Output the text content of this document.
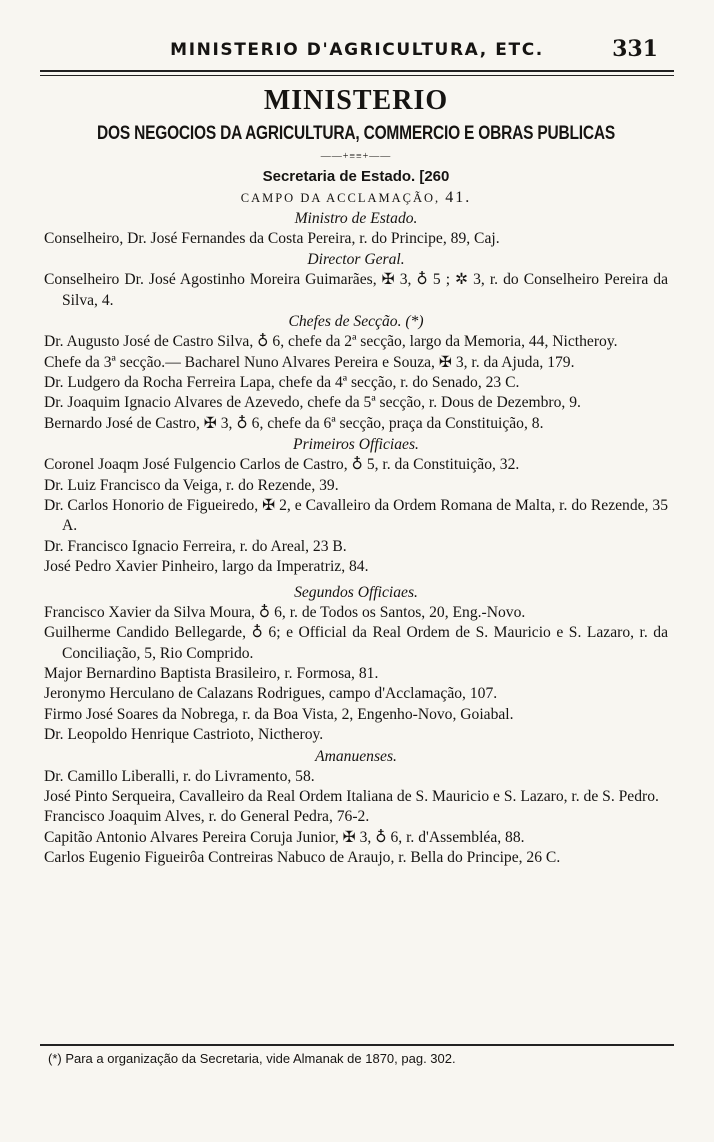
MINISTERIO D'AGRICULTURA, ETC.	331
MINISTERIO
DOS NEGOCIOS DA AGRICULTURA, COMMERCIO E OBRAS PUBLICAS
——+≡≡+——
Secretaria de Estado. [260
CAMPO DA ACCLAMAÇÃO, 41.
Ministro de Estado.
Conselheiro, Dr. José Fernandes da Costa Pereira, r. do Principe, 89, Caj.
Director Geral.
Conselheiro Dr. José Agostinho Moreira Guimarães, ✠ 3, ♁ 5 ; ✲ 3, r. do Conselheiro Pereira da Silva, 4.
Chefes de Secção. (*)
Dr. Augusto José de Castro Silva, ♁ 6, chefe da 2ª secção, largo da Memoria, 44, Nictheroy.
Chefe da 3ª secção.— Bacharel Nuno Alvares Pereira e Souza, ✠ 3, r. da Ajuda, 179.
Dr. Ludgero da Rocha Ferreira Lapa, chefe da 4ª secção, r. do Senado, 23 C.
Dr. Joaquim Ignacio Alvares de Azevedo, chefe da 5ª secção, r. Dous de Dezembro, 9.
Bernardo José de Castro, ✠ 3, ♁ 6, chefe da 6ª secção, praça da Constituição, 8.
Primeiros Officiaes.
Coronel Joaqm José Fulgencio Carlos de Castro, ♁ 5, r. da Constituição, 32.
Dr. Luiz Francisco da Veiga, r. do Rezende, 39.
Dr. Carlos Honorio de Figueiredo, ✠ 2, e Cavalleiro da Ordem Romana de Malta, r. do Rezende, 35 A.
Dr. Francisco Ignacio Ferreira, r. do Areal, 23 B.
José Pedro Xavier Pinheiro, largo da Imperatriz, 84.
Segundos Officiaes.
Francisco Xavier da Silva Moura, ♁ 6, r. de Todos os Santos, 20, Eng.-Novo.
Guilherme Candido Bellegarde, ♁ 6; e Official da Real Ordem de S. Mauricio e S. Lazaro, r. da Conciliação, 5, Rio Comprido.
Major Bernardino Baptista Brasileiro, r. Formosa, 81.
Jeronymo Herculano de Calazans Rodrigues, campo d'Acclamação, 107.
Firmo José Soares da Nobrega, r. da Boa Vista, 2, Engenho-Novo, Goiabal.
Dr. Leopoldo Henrique Castrioto, Nictheroy.
Amanuenses.
Dr. Camillo Liberalli, r. do Livramento, 58.
José Pinto Serqueira, Cavalleiro da Real Ordem Italiana de S. Mauricio e S. Lazaro, r. de S. Pedro.
Francisco Joaquim Alves, r. do General Pedra, 76-2.
Capitão Antonio Alvares Pereira Coruja Junior, ✠ 3, ♁ 6, r. d'Assembléa, 88.
Carlos Eugenio Figueirôa Contreiras Nabuco de Araujo, r. Bella do Principe, 26 C.
(*) Para a organização da Secretaria, vide Almanak de 1870, pag. 302.
